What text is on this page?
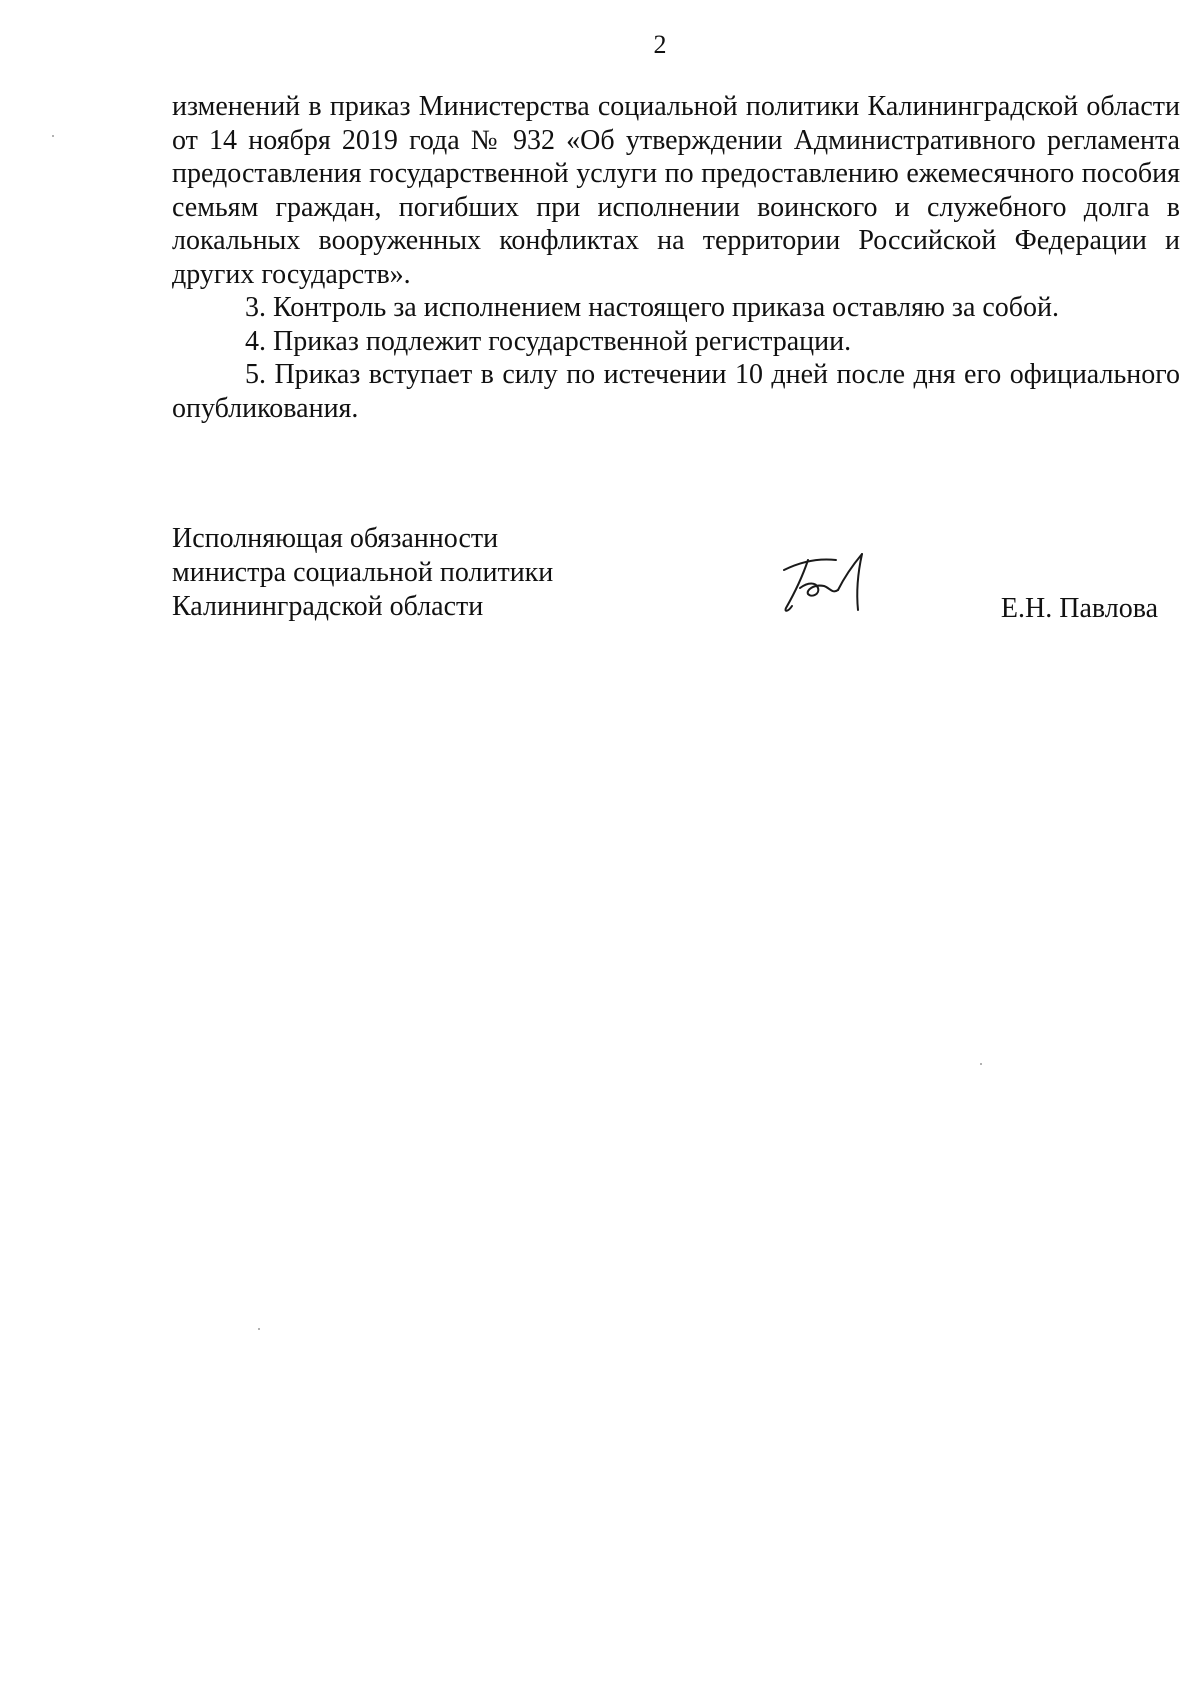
2

изменений в приказ Министерства социальной политики Калининградской области от 14 ноября 2019 года № 932 «Об утверждении Административного регламента предоставления государственной услуги по предоставлению ежемесячного пособия семьям граждан, погибших при исполнении воинского и служебного долга в локальных вооруженных конфликтах на территории Российской Федерации и других государств».

3. Контроль за исполнением настоящего приказа оставляю за собой.

4. Приказ подлежит государственной регистрации.

5. Приказ вступает в силу по истечении 10 дней после дня его официального опубликования.

Исполняющая обязанности
министра социальной политики
Калининградской области	Е.Н. Павлова
